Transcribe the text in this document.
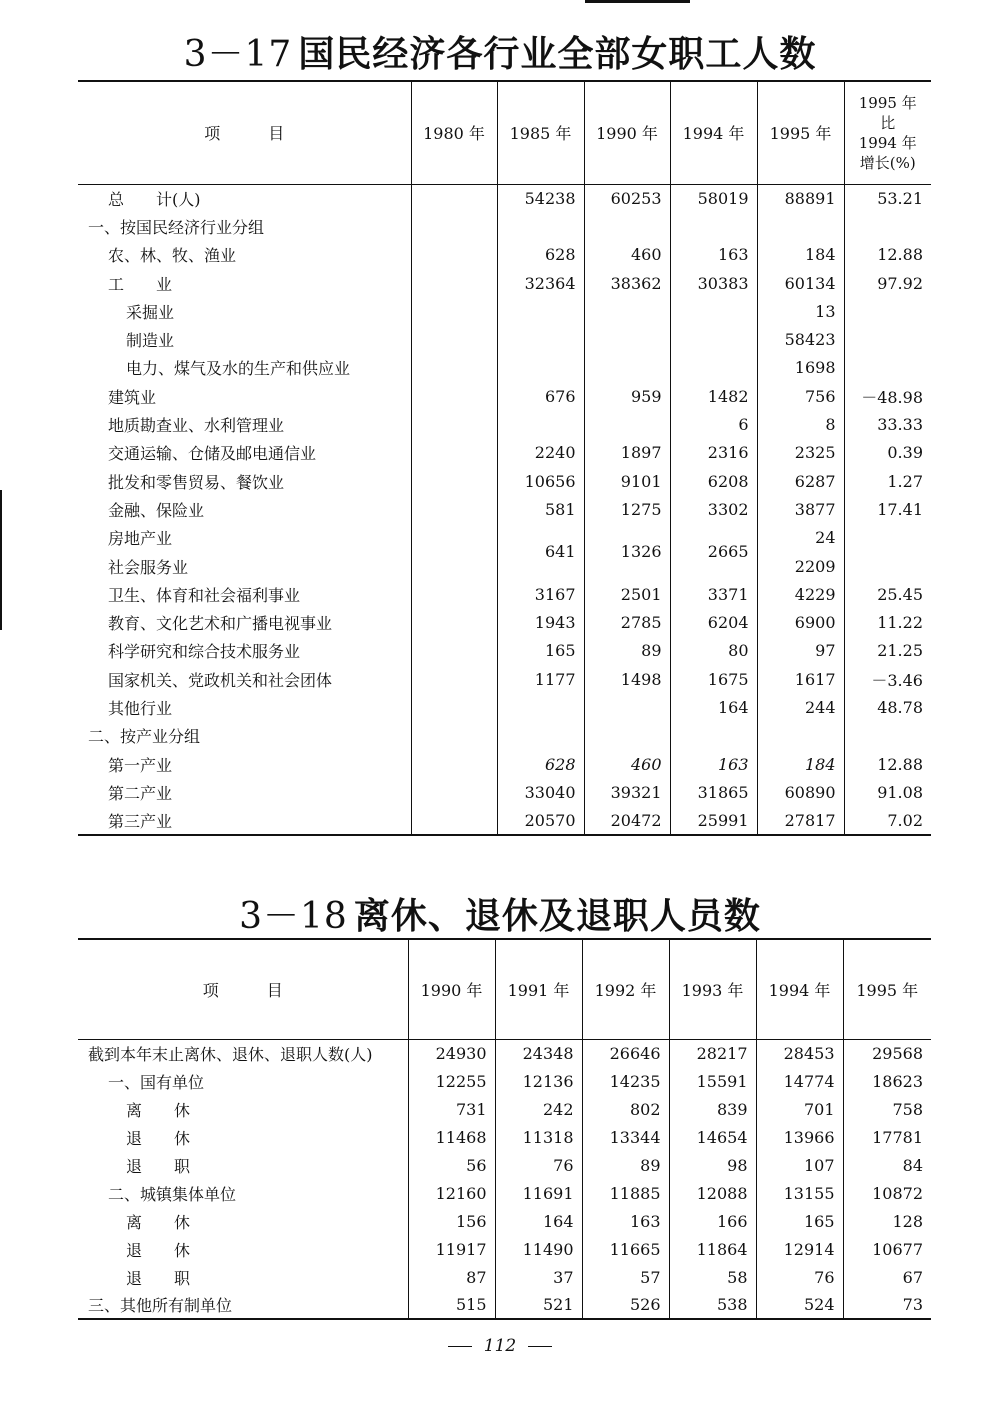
3－17 国民经济各行业全部女职工人数
项　　　目	1980 年	1985 年	1990 年	1994 年	1995 年	1995 年
比
1994 年
增长(%)

总　　计(人)		54238	60253	58019	88891	53.21
一、按国民经济行业分组						
农、林、牧、渔业		628	460	163	184	12.88
工　　业		32364	38362	30383	60134	97.92
采掘业					13	
制造业					58423	
电力、煤气及水的生产和供应业					1698	
建筑业		676	959	1482	756	－48.98
地质勘查业、水利管理业				6	8	33.33
交通运输、仓储及邮电通信业		2240	1897	2316	2325	0.39
批发和零售贸易、餐饮业		10656	9101	6208	6287	1.27
金融、保险业		581	1275	3302	3877	17.41
房地产业		641	1326	2665	24	
社会服务业					2209	
卫生、体育和社会福利事业		3167	2501	3371	4229	25.45
教育、文化艺术和广播电视事业		1943	2785	6204	6900	11.22
科学研究和综合技术服务业		165	89	80	97	21.25
国家机关、党政机关和社会团体		1177	1498	1675	1617	－3.46
其他行业				164	244	48.78
二、按产业分组						
第一产业		628	460	163	184	12.88
第二产业		33040	39321	31865	60890	91.08
第三产业		20570	20472	25991	27817	7.02
3－18 离休、退休及退职人员数
项　　　目	1990 年	1991 年	1992 年	1993 年	1994 年	1995 年
截到本年末止离休、退休、退职人数(人)	24930	24348	26646	28217	28453	29568
一、国有单位	12255	12136	14235	15591	14774	18623
离　　休	731	242	802	839	701	758
退　　休	11468	11318	13344	14654	13966	17781
退　　职	56	76	89	98	107	84
二、城镇集体单位	12160	11691	11885	12088	13155	10872
离　　休	156	164	163	166	165	128
退　　休	11917	11490	11665	11864	12914	10677
退　　职	87	37	57	58	76	67
三、其他所有制单位	515	521	526	538	524	73
112
